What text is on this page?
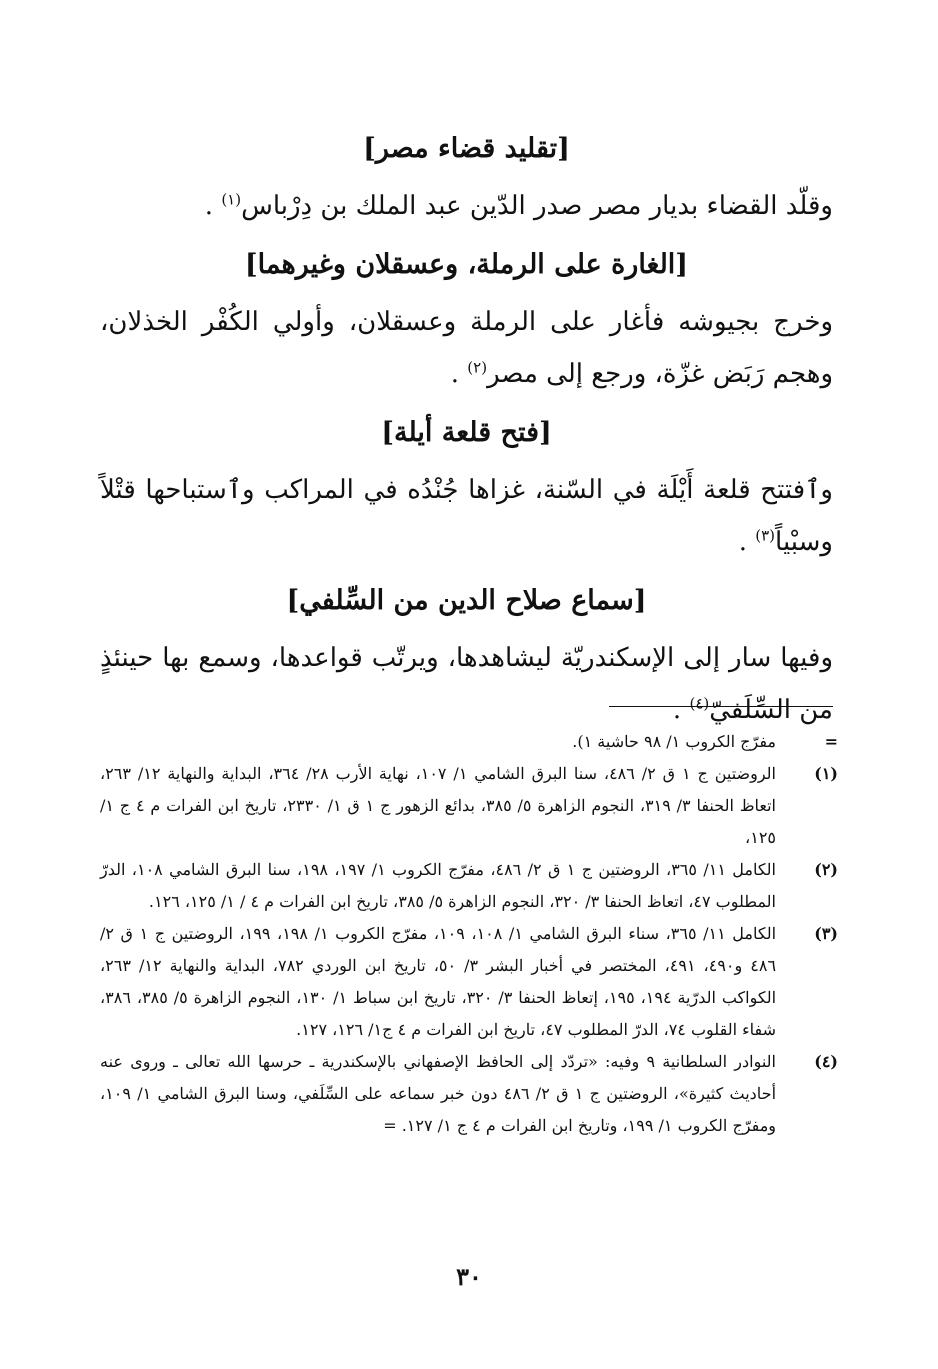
[تقليد قضاء مصر]

وقلّد القضاء بديار مصر صدر الدّين عبد الملك بن دِرْباس$^{(١)}$ .

[الغارة على الرملة، وعسقلان وغيرهما]

وخرج بجيوشه فأغار على الرملة وعسقلان، وأولي الكُفْر الخذلان، وهجم رَبَض غزّة، ورجع إلى مصر$^{(٢)}$ .

[فتح قلعة أيلة]

وٱفتتح قلعة أَيْلَة في السّنة، غزاها جُنْدُه في المراكب وٱستباحها قتْلاً وسبْياً$^{(٣)}$ .

[سماع صلاح الدين من السِّلفي]

وفيها سار إلى الإسكندريّة ليشاهدها، ويرتّب قواعدها، وسمع بها حينئذٍ من السِّلَفيّ$^{(٤)}$ .

=
مفرّج الكروب ١/ ٩٨ حاشية ١).
(١)
الروضتين ج ١ ق ٢/ ٤٨٦، سنا البرق الشامي ١/ ١٠٧، نهاية الأرب ٢٨/ ٣٦٤، البداية والنهاية ١٢/ ٢٦٣، اتعاظ الحنفا ٣/ ٣١٩، النجوم الزاهرة ٥/ ٣٨٥، بدائع الزهور ج ١ ق ١/ ٢٣٣٠، تاريخ ابن الفرات م ٤ ج ١/ ١٢٥،
(٢)
الكامل ١١/ ٣٦٥، الروضتين ج ١ ق ٢/ ٤٨٦، مفرّج الكروب ١/ ١٩٧، ١٩٨، سنا البرق الشامي ١٠٨، الدرّ المطلوب ٤٧، اتعاظ الحنفا ٣/ ٣٢٠، النجوم الزاهرة ٥/ ٣٨٥، تاريخ ابن الفرات م ٤ / ١/ ١٢٥، ١٢٦.
(٣)
الكامل ١١/ ٣٦٥، سناء البرق الشامي ١/ ١٠٨، ١٠٩، مفرّج الكروب ١/ ١٩٨، ١٩٩، الروضتين ج ١ ق ٢/ ٤٨٦ و٤٩٠، ٤٩١، المختصر في أخبار البشر ٣/ ٥٠، تاريخ ابن الوردي ٧٨٢، البداية والنهاية ١٢/ ٢٦٣، الكواكب الدرّية ١٩٤، ١٩٥، إتعاظ الحنفا ٣/ ٣٢٠، تاريخ ابن سباط ١/ ١٣٠، النجوم الزاهرة ٥/ ٣٨٥، ٣٨٦، شفاء القلوب ٧٤، الدرّ المطلوب ٤٧، تاريخ ابن الفرات م ٤ ج١/ ١٢٦، ١٢٧.
(٤)
النوادر السلطانية ٩ وفيه: «تردّد إلى الحافظ الإصفهاني بالإسكندرية ـ حرسها الله تعالى ـ وروى عنه أحاديث كثيرة»، الروضتين ج ١ ق ٢/ ٤٨٦ دون خبر سماعه على السِّلَفي، وسنا البرق الشامي ١/ ١٠٩، ومفرّج الكروب ١/ ١٩٩، وتاريخ ابن الفرات م ٤ ج ١/ ١٢٧. =
٣٠
